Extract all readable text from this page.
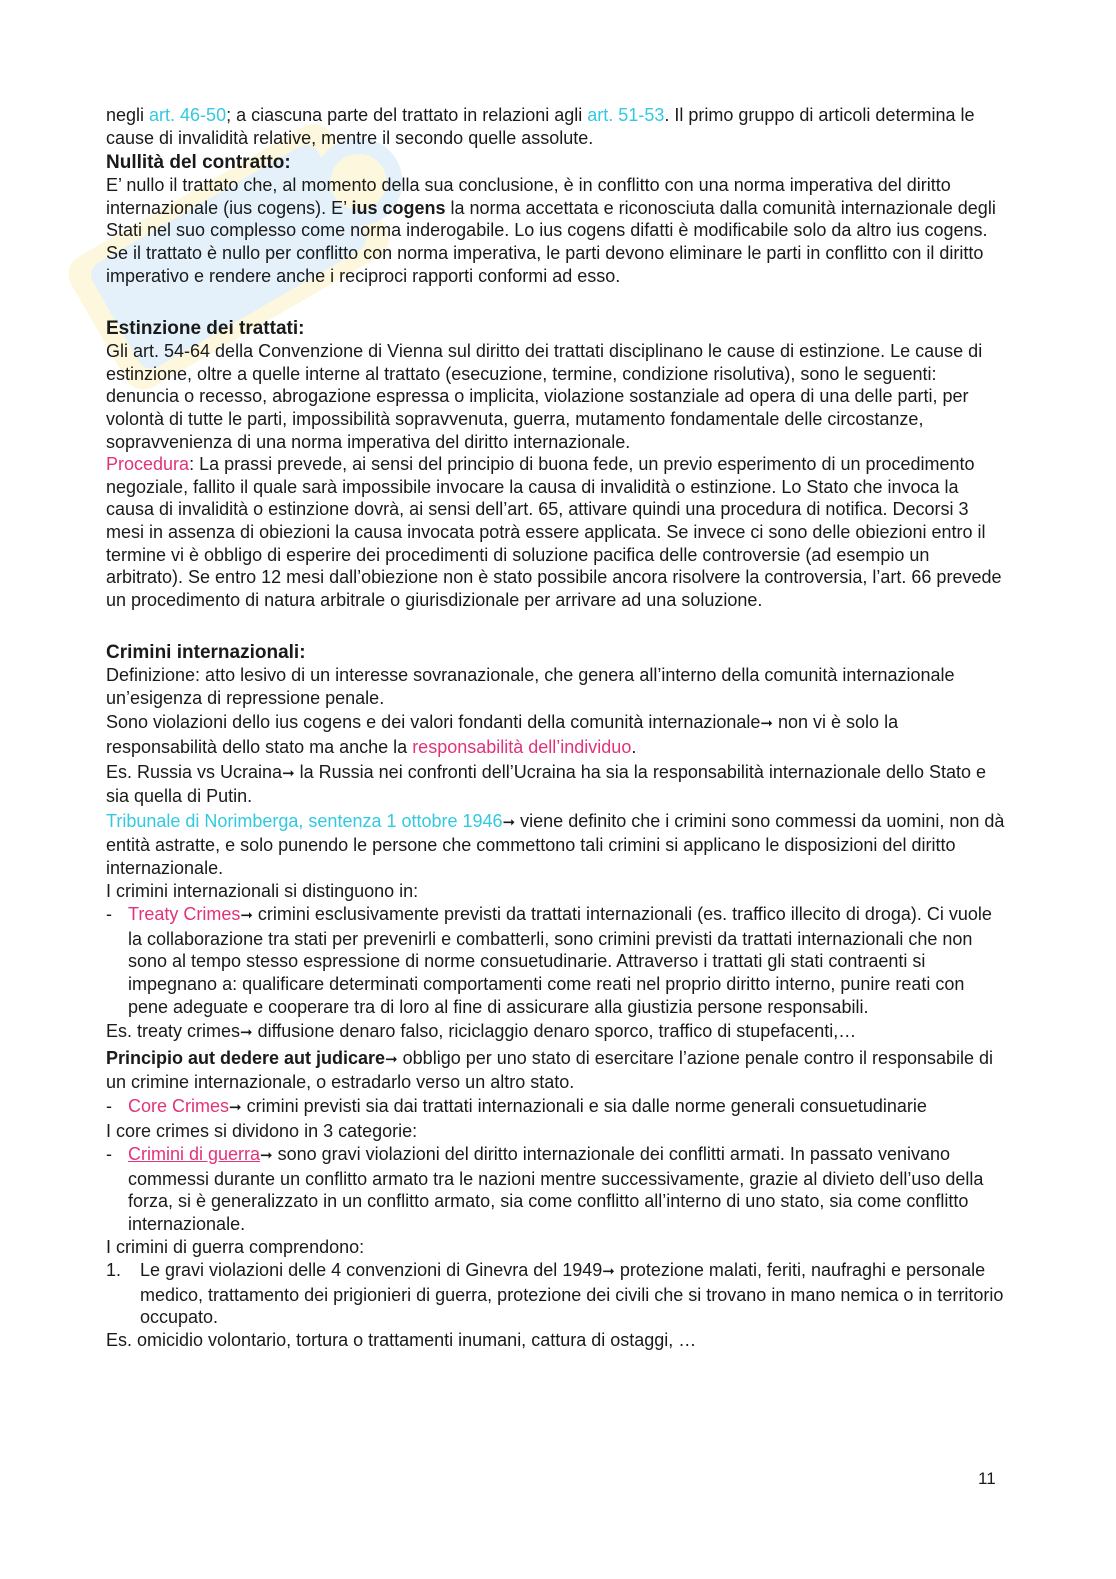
negli art. 46-50; a ciascuna parte del trattato in relazioni agli art. 51-53. Il primo gruppo di articoli determina le cause di invalidità relative, mentre il secondo quelle assolute.

Nullità del contratto:

E’ nullo il trattato che, al momento della sua conclusione, è in conflitto con una norma imperativa del diritto internazionale (ius cogens). E’ ius cogens la norma accettata e riconosciuta dalla comunità internazionale degli Stati nel suo complesso come norma inderogabile. Lo ius cogens difatti è modificabile solo da altro ius cogens. Se il trattato è nullo per conflitto con norma imperativa, le parti devono eliminare le parti in conflitto con il diritto imperativo e rendere anche i reciproci rapporti conformi ad esso.

Estinzione dei trattati:

Gli art. 54-64 della Convenzione di Vienna sul diritto dei trattati disciplinano le cause di estinzione. Le cause di estinzione, oltre a quelle interne al trattato (esecuzione, termine, condizione risolutiva), sono le seguenti: denuncia o recesso, abrogazione espressa o implicita, violazione sostanziale ad opera di una delle parti, per volontà di tutte le parti, impossibilità sopravvenuta, guerra, mutamento fondamentale delle circostanze, sopravvenienza di una norma imperativa del diritto internazionale.

Procedura: La prassi prevede, ai sensi del principio di buona fede, un previo esperimento di un procedimento negoziale, fallito il quale sarà impossibile invocare la causa di invalidità o estinzione. Lo Stato che invoca la causa di invalidità o estinzione dovrà, ai sensi dell’art. 65, attivare quindi una procedura di notifica. Decorsi 3 mesi in assenza di obiezioni la causa invocata potrà essere applicata. Se invece ci sono delle obiezioni entro il termine vi è obbligo di esperire dei procedimenti di soluzione pacifica delle controversie (ad esempio un arbitrato). Se entro 12 mesi dall’obiezione non è stato possibile ancora risolvere la controversia, l’art. 66 prevede un procedimento di natura arbitrale o giurisdizionale per arrivare ad una soluzione.

Crimini internazionali:

Definizione: atto lesivo di un interesse sovranazionale, che genera all’interno della comunità internazionale un’esigenza di repressione penale.

Sono violazioni dello ius cogens e dei valori fondanti della comunità internazionale➞ non vi è solo la responsabilità dello stato ma anche la responsabilità dell’individuo.

Es. Russia vs Ucraina➞ la Russia nei confronti dell’Ucraina ha sia la responsabilità internazionale dello Stato e sia quella di Putin.

Tribunale di Norimberga, sentenza 1 ottobre 1946➞ viene definito che i crimini sono commessi da uomini, non dà entità astratte, e solo punendo le persone che commettono tali crimini si applicano le disposizioni del diritto internazionale.

I crimini internazionali si distinguono in:

- Treaty Crimes➞ crimini esclusivamente previsti da trattati internazionali (es. traffico illecito di droga). Ci vuole la collaborazione tra stati per prevenirli e combatterli, sono crimini previsti da trattati internazionali che non sono al tempo stesso espressione di norme consuetudinarie. Attraverso i trattati gli stati contraenti si impegnano a: qualificare determinati comportamenti come reati nel proprio diritto interno, punire reati con pene adeguate e cooperare tra di loro al fine di assicurare alla giustizia persone responsabili.

Es. treaty crimes➞ diffusione denaro falso, riciclaggio denaro sporco, traffico di stupefacenti,…

Principio aut dedere aut judicare➞ obbligo per uno stato di esercitare l’azione penale contro il responsabile di un crimine internazionale, o estradarlo verso un altro stato.

- Core Crimes➞ crimini previsti sia dai trattati internazionali e sia dalle norme generali consuetudinarie

I core crimes si dividono in 3 categorie:

- Crimini di guerra➞ sono gravi violazioni del diritto internazionale dei conflitti armati. In passato venivano commessi durante un conflitto armato tra le nazioni mentre successivamente, grazie al divieto dell’uso della forza, si è generalizzato in un conflitto armato, sia come conflitto all’interno di uno stato, sia come conflitto internazionale.

I crimini di guerra comprendono:

1.	Le gravi violazioni delle 4 convenzioni di Ginevra del 1949➞ protezione malati, feriti, naufraghi e personale medico, trattamento dei prigionieri di guerra, protezione dei civili che si trovano in mano nemica o in territorio occupato.

Es. omicidio volontario, tortura o trattamenti inumani, cattura di ostaggi, …

11
